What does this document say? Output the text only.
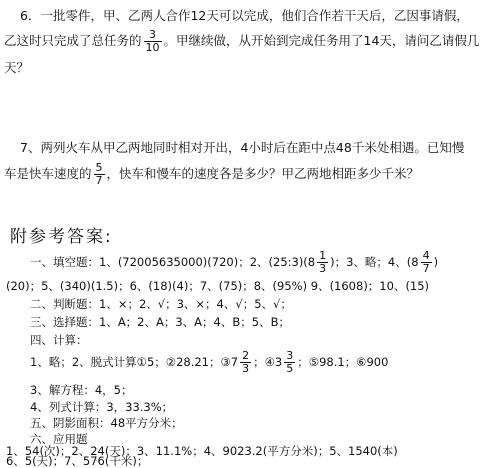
6．一批零件，甲、乙两人合作12天可以完成，他们合作若干天后，乙因事请假，
乙这时只完成了总任务的 $\frac{3}{10}$ 。甲继续做，从开始到完成任务用了14天，请问乙请假几
天？
7、两列火车从甲乙两地同时相对开出，4小时后在距中点48千米处相遇。已知慢
车是快车速度的 $\frac{5}{7}$ ，快车和慢车的速度各是多少？甲乙两地相距多少千米？
附参考答案:
一、填空题：1、(72005635000)(720)；2、(25:3)(8 $\frac{1}{3}$ )；3、略；4、($8 \frac{4}{7}$ )
(20)；5、(340)(1.5)；6、(18)(4)；7、(75)；8、(95%) 9、(1608)；10、(15)
二、判断题：1、×；2、√；3、×；4、√；5、√；
三、选择题：1、A；2、A；3、A；4、B；5、B；
四、计算：
1、略；2、脱式计算①5；②28.21；③7 $\frac{2}{3}$ ；④3 $\frac{3}{5}$ ；⑤98.1；⑥900
3、解方程：4，5；
4、列式计算：3，33.3%；
五、阴影面积：48平方分米；
六、应用题
1、54(次)；2、24(天)；3、11.1%；4、9023.2(平方分米)；5、1540(本)
6、5(天)；7、576(千米)；
